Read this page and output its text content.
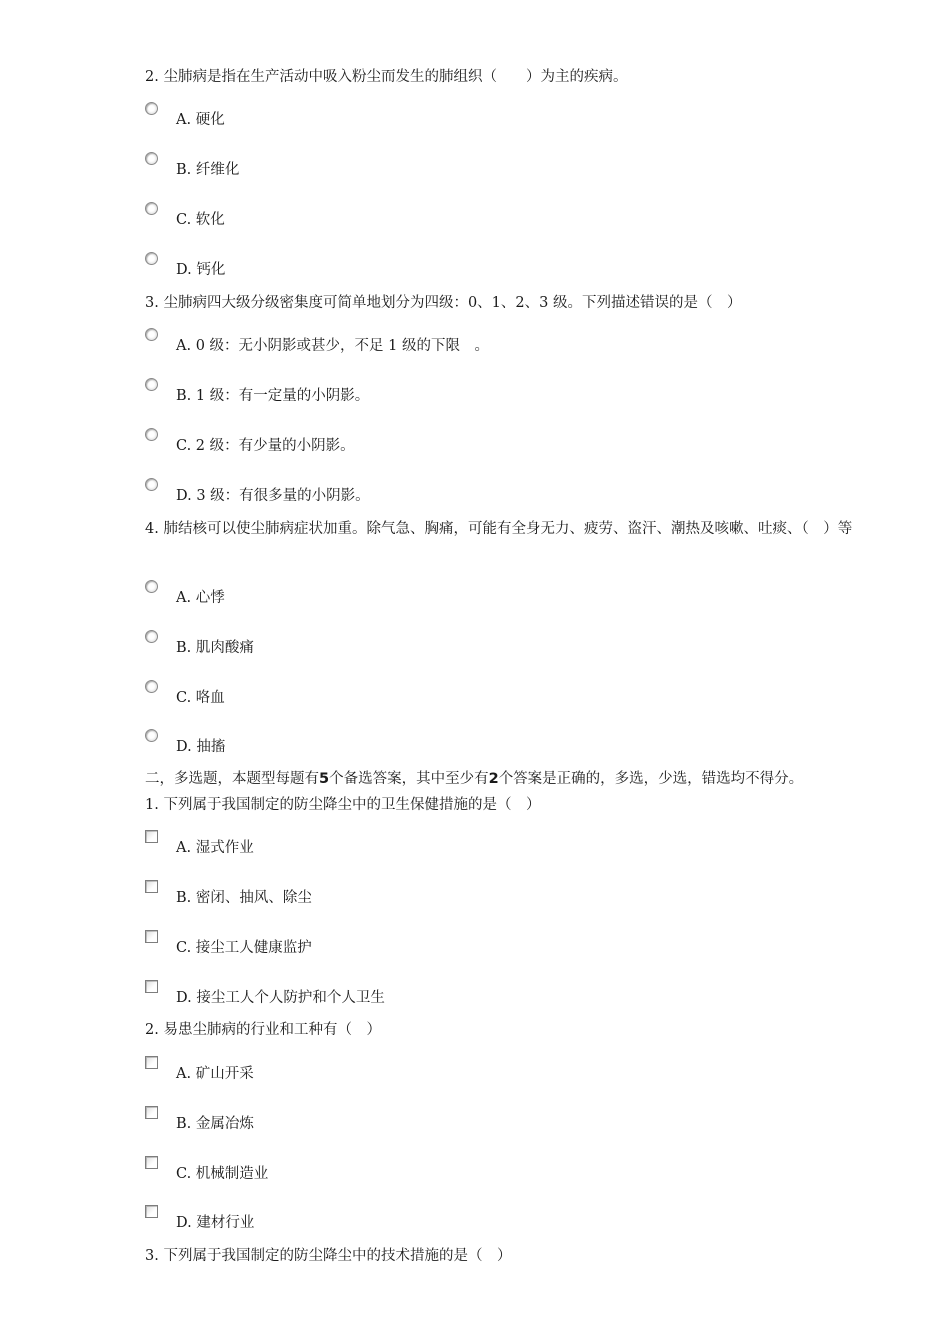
2. 尘肺病是指在生产活动中吸入粉尘而发生的肺组织（　　）为主的疾病。
A. 硬化
B. 纤维化
C. 软化
D. 钙化
3. 尘肺病四大级分级密集度可简单地划分为四级：0、1、2、3 级。下列描述错误的是（　）
A. 0 级：无小阴影或甚少，不足 1 级的下限　。
B. 1 级：有一定量的小阴影。
C. 2 级：有少量的小阴影。
D. 3 级：有很多量的小阴影。
4. 肺结核可以使尘肺病症状加重。除气急、胸痛，可能有全身无力、疲劳、盗汗、潮热及咳嗽、吐痰、（　）等
A. 心悸
B. 肌肉酸痛
C. 咯血
D. 抽搐
二，多选题，本题型每题有5个备选答案，其中至少有2个答案是正确的，多选，少选，错选均不得分。
1. 下列属于我国制定的防尘降尘中的卫生保健措施的是（　）
A. 湿式作业
B. 密闭、抽风、除尘
C. 接尘工人健康监护
D. 接尘工人个人防护和个人卫生
2. 易患尘肺病的行业和工种有（　）
A. 矿山开采
B. 金属冶炼
C. 机械制造业
D. 建材行业
3. 下列属于我国制定的防尘降尘中的技术措施的是（　）
